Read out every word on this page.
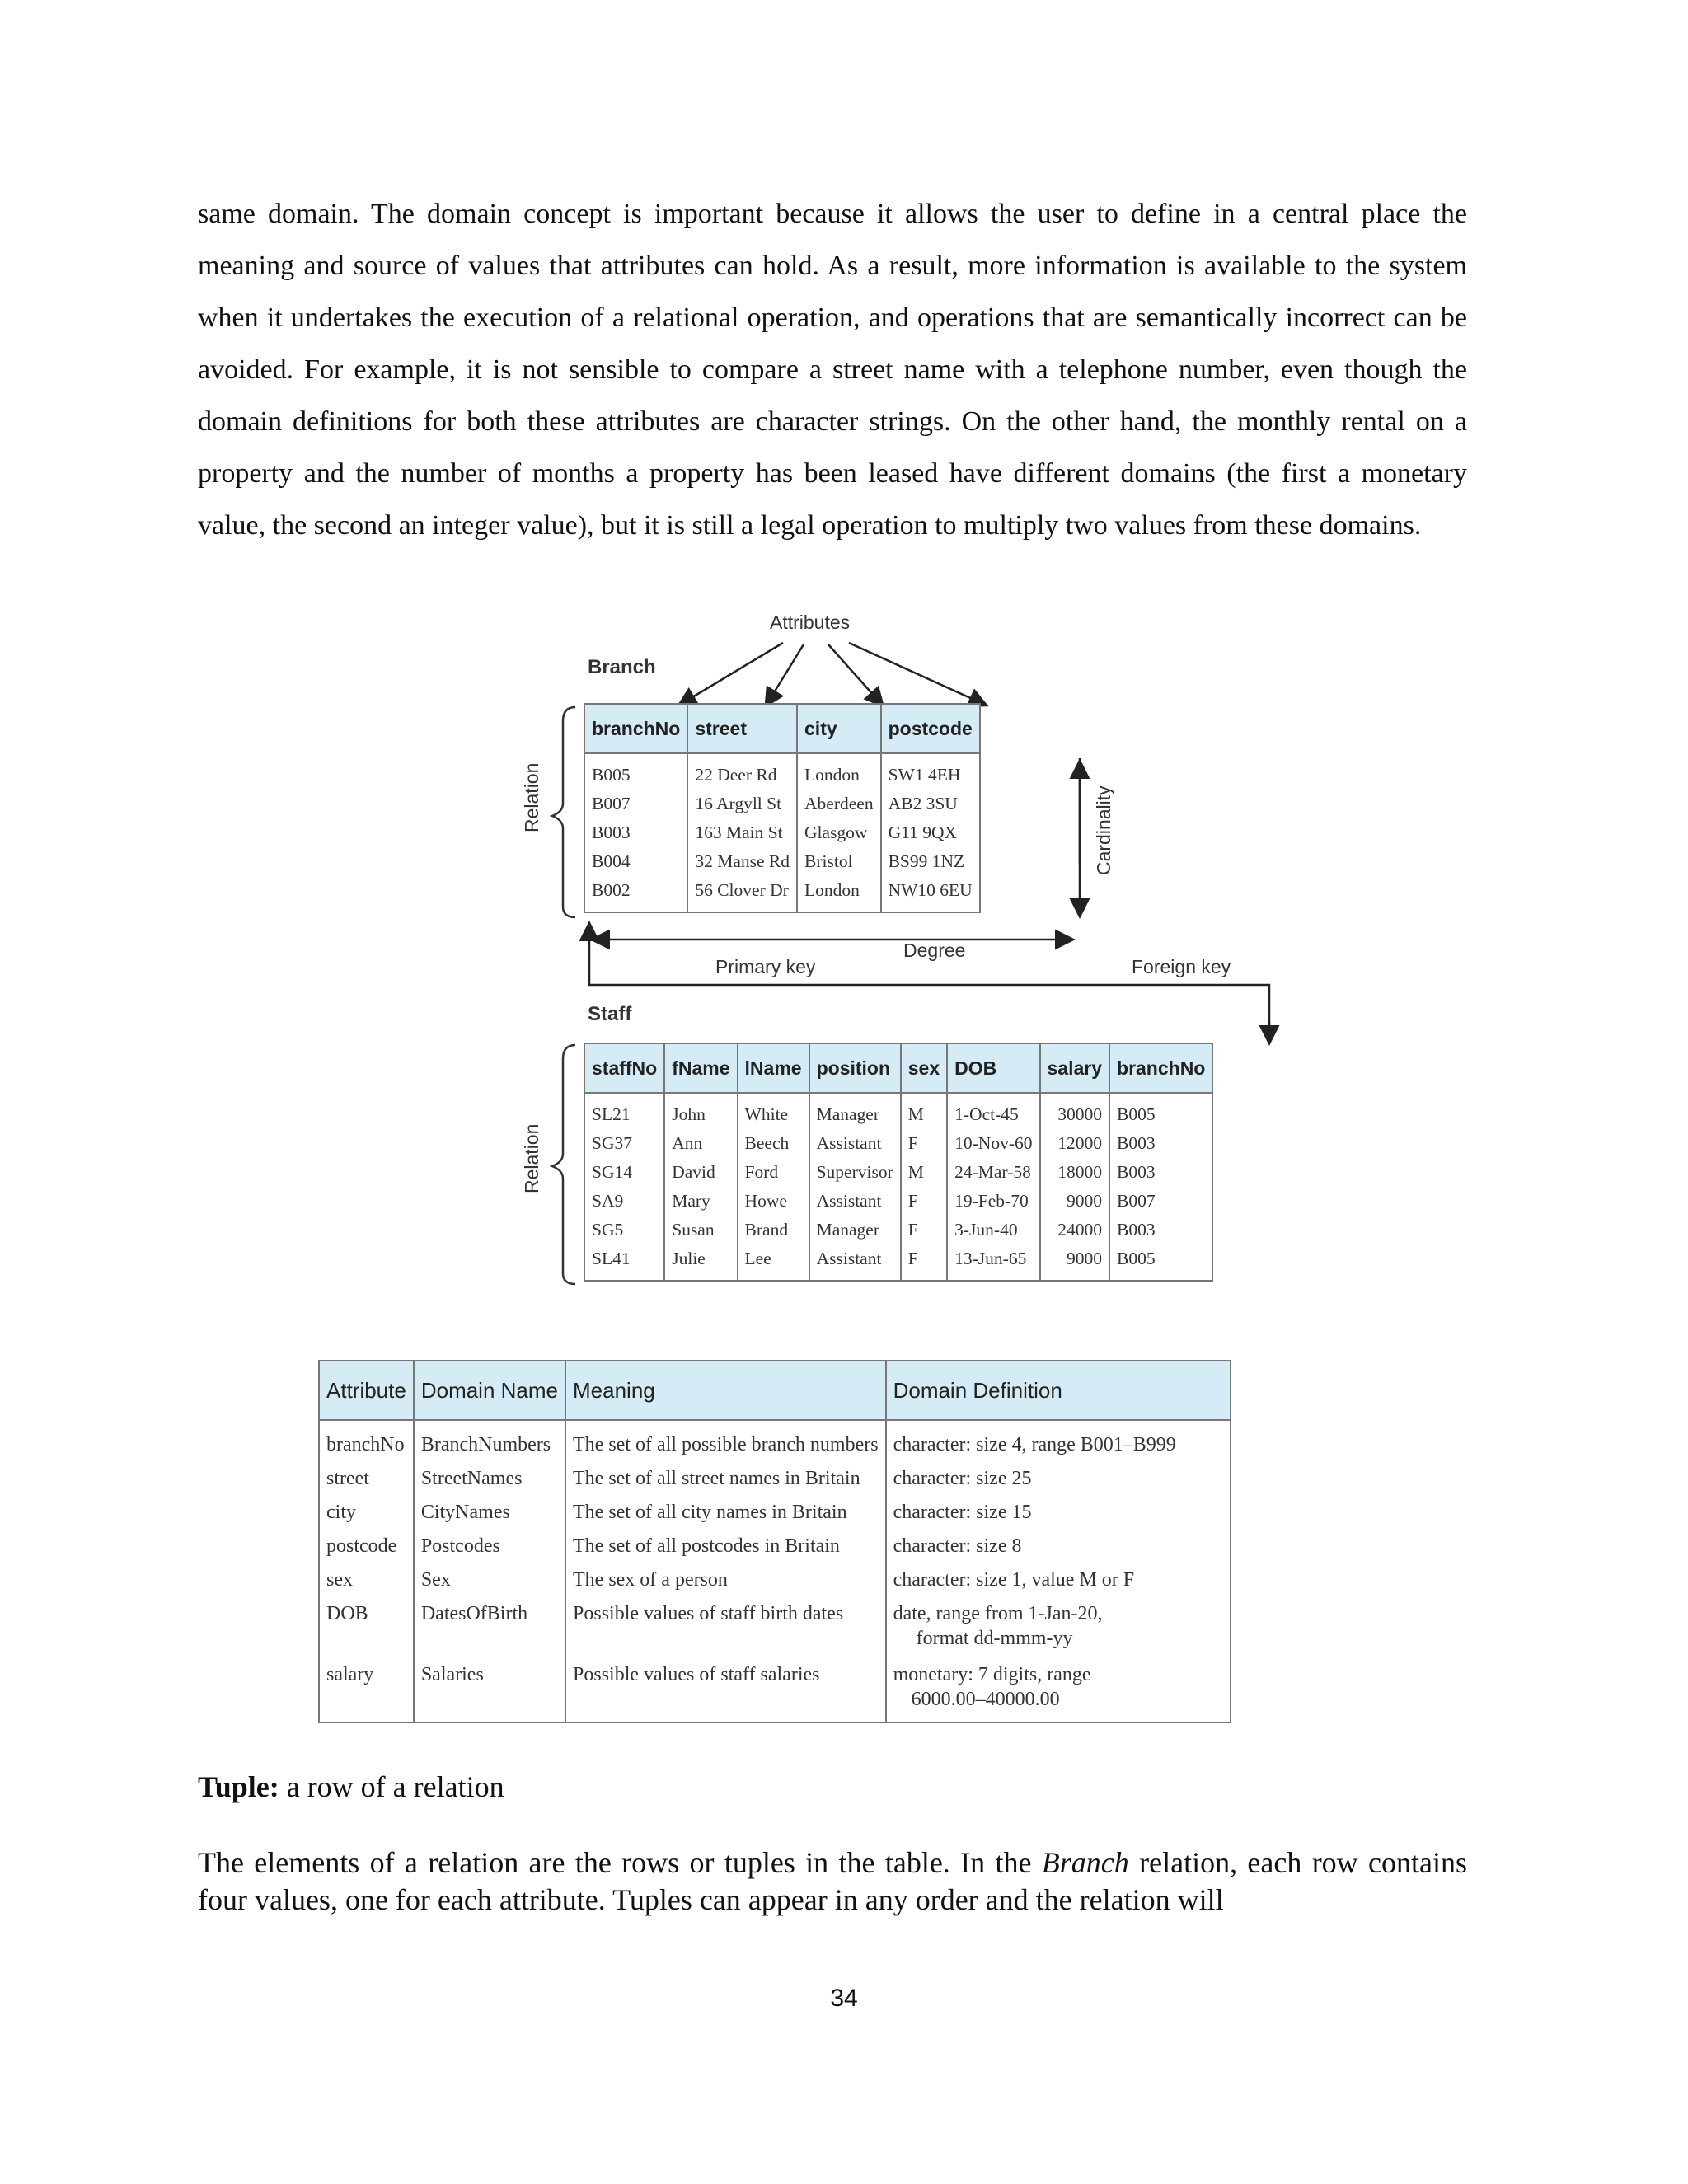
same domain. The domain concept is important because it allows the user to define in a central place the meaning and source of values that attributes can hold. As a result, more information is available to the system when it undertakes the execution of a relational operation, and operations that are semantically incorrect can be avoided. For example, it is not sensible to compare a street name with a telephone number, even though the domain definitions for both these attributes are character strings. On the other hand, the monthly rental on a property and the number of months a property has been leased have different domains (the first a monetary value, the second an integer value), but it is still a legal operation to multiply two values from these domains.

Attributes
Branch
Relation	Cardinality
Degree
Primary key	Foreign key
Staff
Relation
branchNo	street	city	postcode
B005	22 Deer Rd	London	SW1 4EH
B007	16 Argyll St	Aberdeen	AB2 3SU
B003	163 Main St	Glasgow	G11 9QX
B004	32 Manse Rd	Bristol	BS99 1NZ
B002	56 Clover Dr	London	NW10 6EU
staffNo	fName	lName	position	sex	DOB	salary	branchNo
SL21	John	White	Manager	M	1-Oct-45	30000	B005
SG37	Ann	Beech	Assistant	F	10-Nov-60	12000	B003
SG14	David	Ford	Supervisor	M	24-Mar-58	18000	B003
SA9	Mary	Howe	Assistant	F	19-Feb-70	9000	B007
SG5	Susan	Brand	Manager	F	3-Jun-40	24000	B003
SL41	Julie	Lee	Assistant	F	13-Jun-65	9000	B005
Attribute	Domain Name	Meaning	Domain Definition
branchNo	BranchNumbers	The set of all possible branch numbers	character: size 4, range B001–B999
street	StreetNames	The set of all street names in Britain	character: size 25
city	CityNames	The set of all city names in Britain	character: size 15
postcode	Postcodes	The set of all postcodes in Britain	character: size 8
sex	Sex	The sex of a person	character: size 1, value M or F
DOB	DatesOfBirth	Possible values of staff birth dates	date, range from 1-Jan-20,
format dd-mmm-yy

salary	Salaries	Possible values of staff salaries	monetary: 7 digits, range
6000.00–40000.00

Tuple: a row of a relation

The elements of a relation are the rows or tuples in the table. In the Branch relation, each row contains four values, one for each attribute. Tuples can appear in any order and the relation will

34
